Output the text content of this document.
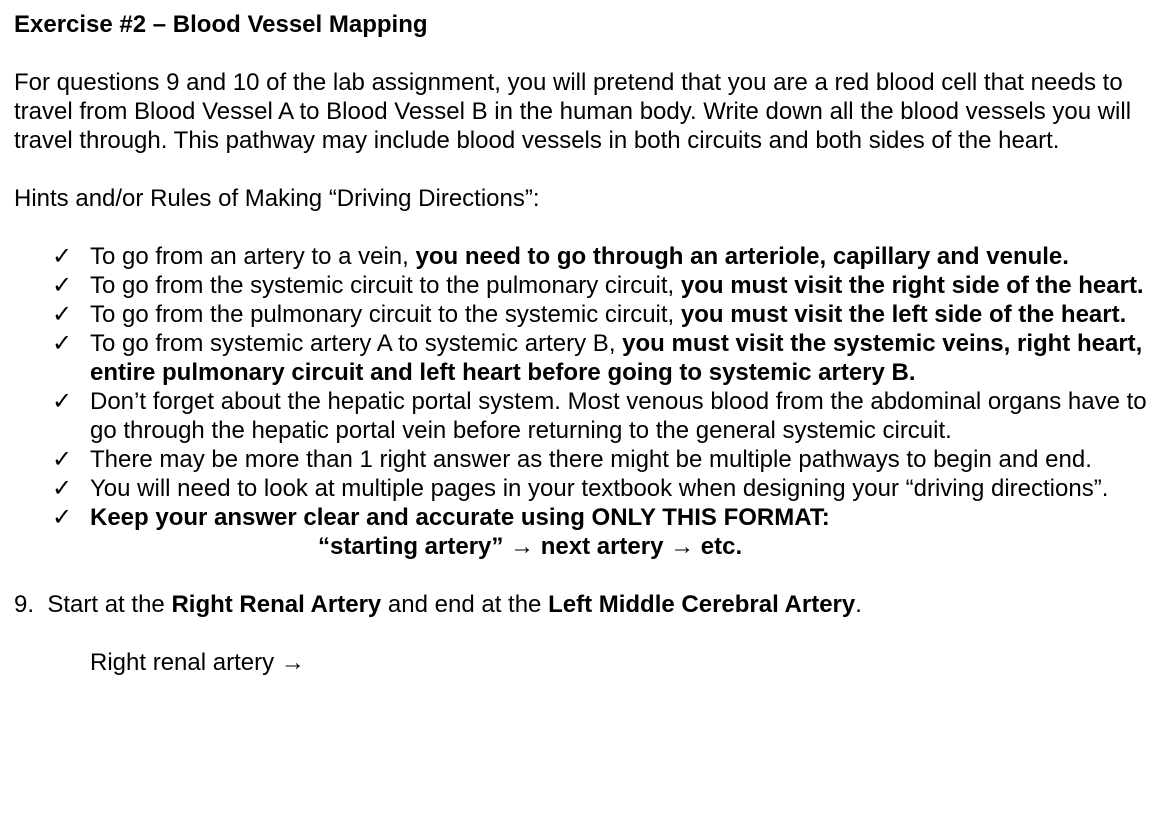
Exercise #2 – Blood Vessel Mapping

For questions 9 and 10 of the lab assignment, you will pretend that you are a red blood cell that needs to travel from Blood Vessel A to Blood Vessel B in the human body. Write down all the blood vessels you will travel through. This pathway may include blood vessels in both circuits and both sides of the heart.

Hints and/or Rules of Making “Driving Directions”:

✓ To go from an artery to a vein, you need to go through an arteriole, capillary and venule.
✓ To go from the systemic circuit to the pulmonary circuit, you must visit the right side of the heart.
✓ To go from the pulmonary circuit to the systemic circuit, you must visit the left side of the heart.
✓ To go from systemic artery A to systemic artery B, you must visit the systemic veins, right heart, entire pulmonary circuit and left heart before going to systemic artery B.
✓ Don’t forget about the hepatic portal system. Most venous blood from the abdominal organs have to go through the hepatic portal vein before returning to the general systemic circuit.
✓ There may be more than 1 right answer as there might be multiple pathways to begin and end.
✓ You will need to look at multiple pages in your textbook when designing your “driving directions”.
✓ Keep your answer clear and accurate using ONLY THIS FORMAT:
“starting artery” → next artery → etc.

9. Start at the Right Renal Artery and end at the Left Middle Cerebral Artery.

Right renal artery →
